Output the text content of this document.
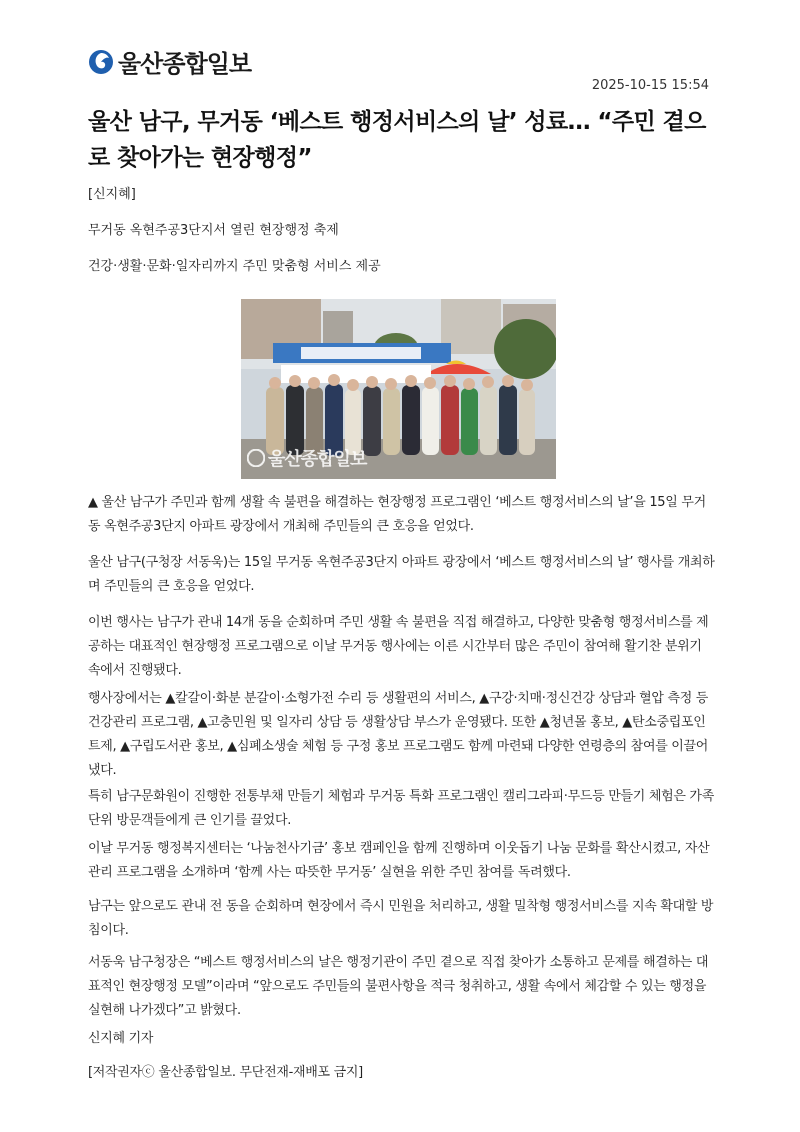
울산종합일보
2025-10-15 15:54
울산 남구, 무거동 ‘베스트 행정서비스의 날’ 성료… “주민 곁으로 찾아가는 현장행정”
[신지혜]
무거동 옥현주공3단지서 열린 현장행정 축제
건강·생활·문화·일자리까지 주민 맞춤형 서비스 제공
울산종합일보

▲ 울산 남구가 주민과 함께 생활 속 불편을 해결하는 현장행정 프로그램인 ‘베스트 행정서비스의 날’을 15일 무거동 옥현주공3단지 아파트 광장에서 개최해 주민들의 큰 호응을 얻었다.

울산 남구(구청장 서동욱)는 15일 무거동 옥현주공3단지 아파트 광장에서 ‘베스트 행정서비스의 날’ 행사를 개최하며 주민들의 큰 호응을 얻었다.

이번 행사는 남구가 관내 14개 동을 순회하며 주민 생활 속 불편을 직접 해결하고, 다양한 맞춤형 행정서비스를 제공하는 대표적인 현장행정 프로그램으로 이날 무거동 행사에는 이른 시간부터 많은 주민이 참여해 활기찬 분위기 속에서 진행됐다.

행사장에서는 ▲칼갈이·화분 분갈이·소형가전 수리 등 생활편의 서비스, ▲구강·치매·정신건강 상담과 혈압 측정 등 건강관리 프로그램, ▲고충민원 및 일자리 상담 등 생활상담 부스가 운영됐다. 또한 ▲청년몰 홍보, ▲탄소중립포인트제, ▲구립도서관 홍보, ▲심폐소생술 체험 등 구정 홍보 프로그램도 함께 마련돼 다양한 연령층의 참여를 이끌어냈다.

특히 남구문화원이 진행한 전통부채 만들기 체험과 무거동 특화 프로그램인 캘리그라피·무드등 만들기 체험은 가족 단위 방문객들에게 큰 인기를 끌었다.

이날 무거동 행정복지센터는 ‘나눔천사기금’ 홍보 캠페인을 함께 진행하며 이웃돕기 나눔 문화를 확산시켰고, 자산관리 프로그램을 소개하며 ‘함께 사는 따뜻한 무거동’ 실현을 위한 주민 참여를 독려했다.

남구는 앞으로도 관내 전 동을 순회하며 현장에서 즉시 민원을 처리하고, 생활 밀착형 행정서비스를 지속 확대할 방침이다.

서동욱 남구청장은 “베스트 행정서비스의 날은 행정기관이 주민 곁으로 직접 찾아가 소통하고 문제를 해결하는 대표적인 현장행정 모델”이라며 “앞으로도 주민들의 불편사항을 적극 청취하고, 생활 속에서 체감할 수 있는 행정을 실현해 나가겠다”고 밝혔다.

신지혜 기자

[저작권자ⓒ 울산종합일보. 무단전재-재배포 금지]
